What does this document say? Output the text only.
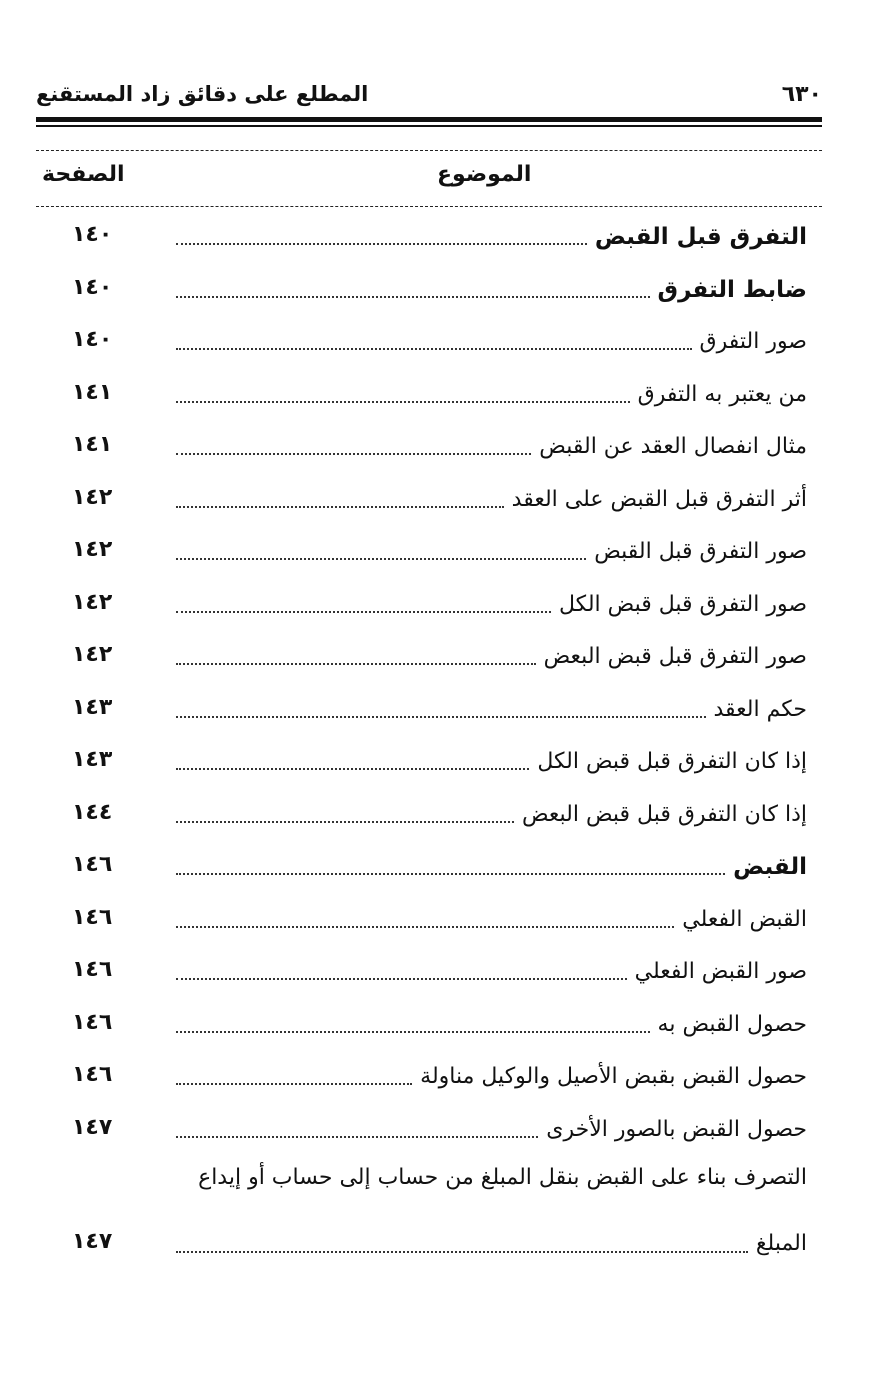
المطلع على دقائق زاد المستقنع	٦٣٠
الموضوع
الصفحة
التفرق قبل القبض
١٤٠
ضابط التفرق
١٤٠
صور التفرق
١٤٠
من يعتبر به التفرق
١٤١
مثال انفصال العقد عن القبض
١٤١
أثر التفرق قبل القبض على العقد
١٤٢
صور التفرق قبل القبض
١٤٢
صور التفرق قبل قبض الكل
١٤٢
صور التفرق قبل قبض البعض
١٤٢
حكم العقد
١٤٣
إذا كان التفرق قبل قبض الكل
١٤٣
إذا كان التفرق قبل قبض البعض
١٤٤
القبض
١٤٦
القبض الفعلي
١٤٦
صور القبض الفعلي
١٤٦
حصول القبض به
١٤٦
حصول القبض بقبض الأصيل والوكيل مناولة
١٤٦
حصول القبض بالصور الأخرى
١٤٧
التصرف بناء على القبض بنقل المبلغ من حساب إلى حساب أو إيداع
المبلغ
١٤٧
